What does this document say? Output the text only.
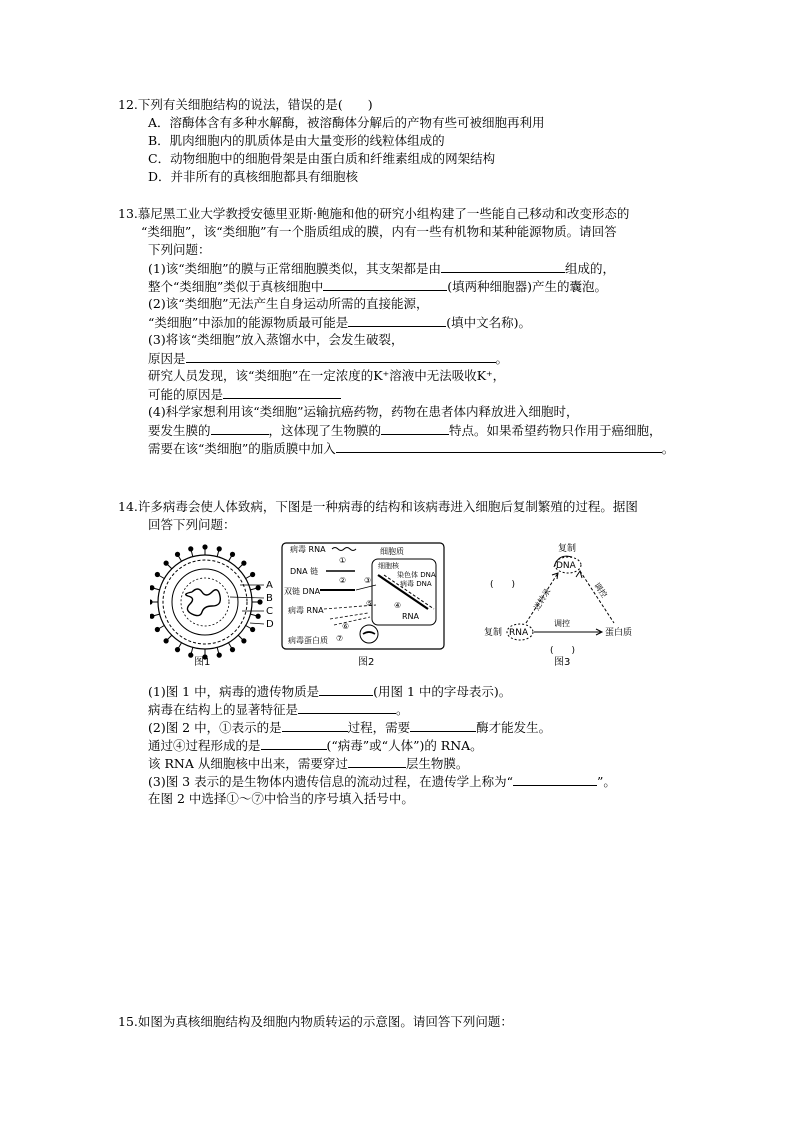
12.下列有关细胞结构的说法，错误的是(　　)
A．溶酶体含有多种水解酶，被溶酶体分解后的产物有些可被细胞再利用
B．肌肉细胞内的肌质体是由大量变形的线粒体组成的
C．动物细胞中的细胞骨架是由蛋白质和纤维素组成的网架结构
D．并非所有的真核细胞都具有细胞核
13.慕尼黑工业大学教授安德里亚斯·鲍施和他的研究小组构建了一些能自己移动和改变形态的
“类细胞”，该“类细胞”有一个脂质组成的膜，内有一些有机物和某种能源物质。请回答
下列问题：
(1)该“类细胞”的膜与正常细胞膜类似，其支架都是由	组成的，
整个“类细胞”类似于真核细胞中	(填两种细胞器)产生的囊泡。
(2)该“类细胞”无法产生自身运动所需的直接能源，
“类细胞”中添加的能源物质最可能是	(填中文名称)。
(3)将该“类细胞”放入蒸馏水中，会发生破裂，
原因是	。
研究人员发现，该“类细胞”在一定浓度的K⁺溶液中无法吸收K⁺，
可能的原因是
(4)科学家想利用该“类细胞”运输抗癌药物，药物在患者体内释放进入细胞时，
要发生膜的	，这体现了生物膜的	特点。如果希望药物只作用于癌细胞，
需要在该“类细胞”的脂质膜中加入	。
14.许多病毒会使人体致病，下图是一种病毒的结构和该病毒进入细胞后复制繁殖的过程。据图
回答下列问题：
A
B
C
D
图1
细胞质
细胞核
染色体 DNA
病毒 DNA
病毒 RNA
①
DNA 链
②
双链 DNA
③
④
RNA
病毒 RNA
⑤
⑥
⑦
病毒蛋白质
图2
复制
DNA
RNA
复制	蛋白质
调控
(　　)
逆转录	调控
(　　)
图3
(1)图 1 中，病毒的遗传物质是	(用图 1 中的字母表示)。
病毒在结构上的显著特征是	。
(2)图 2 中，①表示的是	过程，需要	酶才能发生。
通过④过程形成的是	(“病毒”或“人体”)的 RNA。
该 RNA 从细胞核中出来，需要穿过	层生物膜。
(3)图 3 表示的是生物体内遗传信息的流动过程，在遗传学上称为“	”。
在图 2 中选择①～⑦中恰当的序号填入括号中。
15.如图为真核细胞结构及细胞内物质转运的示意图。请回答下列问题：
